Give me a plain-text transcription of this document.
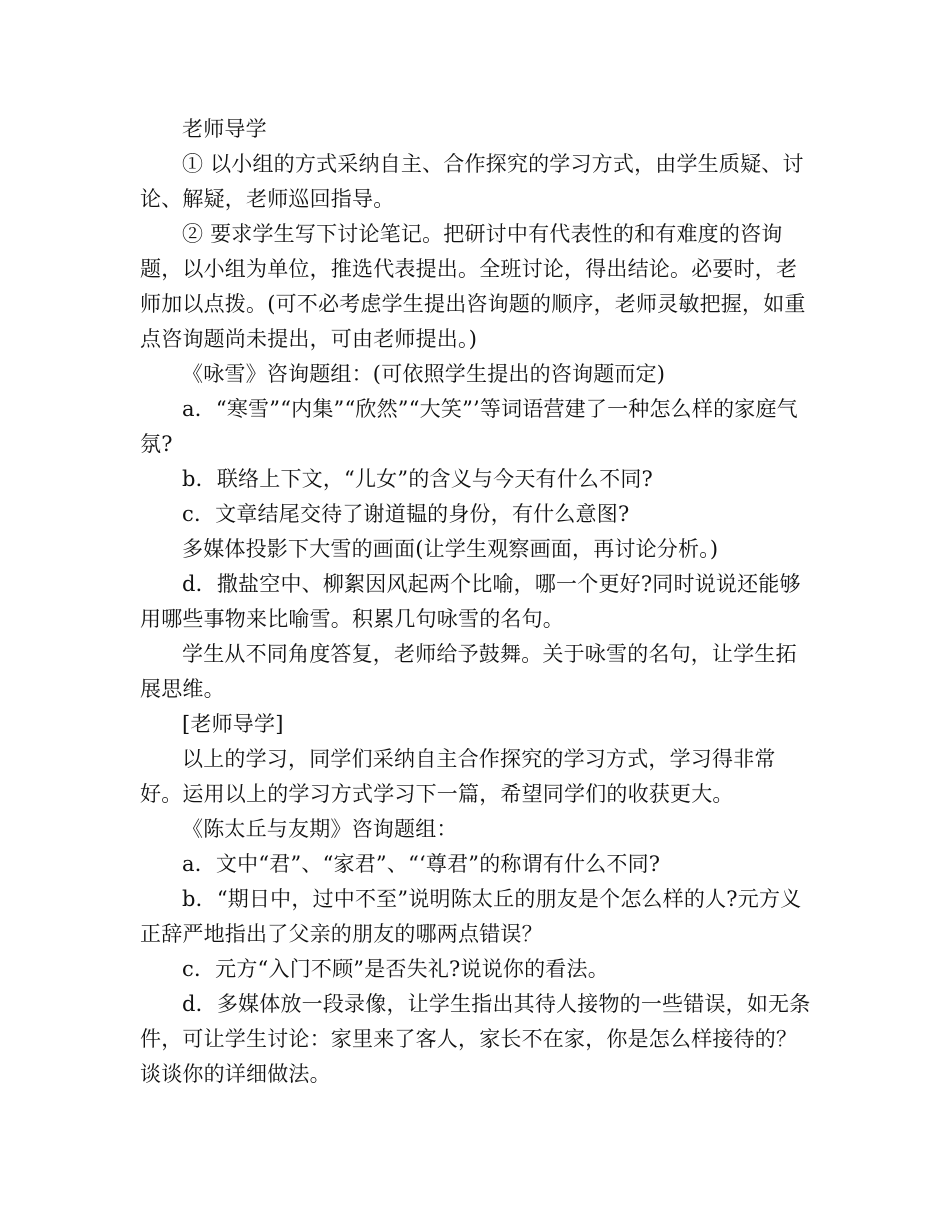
老师导学

① 以小组的方式采纳自主、合作探究的学习方式，由学生质疑、讨论、解疑，老师巡回指导。

② 要求学生写下讨论笔记。把研讨中有代表性的和有难度的咨询题，以小组为单位，推选代表提出。全班讨论，得出结论。必要时，老师加以点拨。(可不必考虑学生提出咨询题的顺序，老师灵敏把握，如重点咨询题尚未提出，可由老师提出。)

《咏雪》咨询题组：(可依照学生提出的咨询题而定)

a．“寒雪”“内集”“欣然”“大笑”’等词语营建了一种怎么样的家庭气氛?

b．联络上下文，“儿女”的含义与今天有什么不同?

c．文章结尾交待了谢道韫的身份，有什么意图?

多媒体投影下大雪的画面(让学生观察画面，再讨论分析。)

d．撒盐空中、柳絮因风起两个比喻，哪一个更好?同时说说还能够用哪些事物来比喻雪。积累几句咏雪的名句。

学生从不同角度答复，老师给予鼓舞。关于咏雪的名句，让学生拓展思维。

[老师导学]

以上的学习，同学们采纳自主合作探究的学习方式，学习得非常好。运用以上的学习方式学习下一篇，希望同学们的收获更大。

《陈太丘与友期》咨询题组：

a．文中“君”、“家君”、“‘尊君”的称谓有什么不同?

b．“期日中，过中不至”说明陈太丘的朋友是个怎么样的人?元方义正辞严地指出了父亲的朋友的哪两点错误？

c．元方“入门不顾”是否失礼?说说你的看法。

d．多媒体放一段录像，让学生指出其待人接物的一些错误，如无条件，可让学生讨论：家里来了客人，家长不在家，你是怎么样接待的？谈谈你的详细做法。
